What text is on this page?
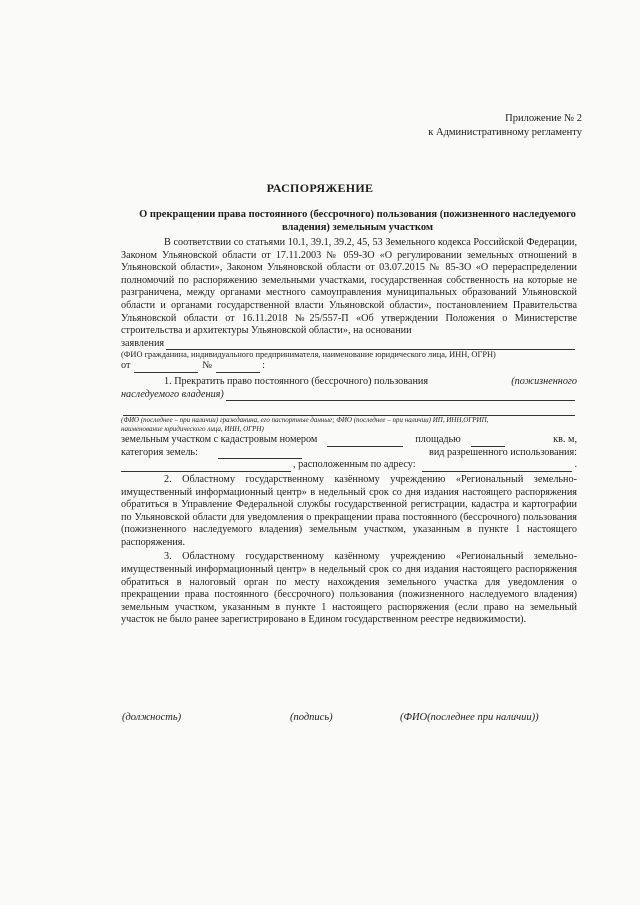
Приложение № 2
к Административному регламенту
РАСПОРЯЖЕНИЕ
О прекращении права постоянного (бессрочного) пользования (пожизненного наследуемого владения) земельным участком

В соответствии со статьями 10.1, 39.1, 39.2, 45, 53 Земельного кодекса Российской Федерации, Законом Ульяновской области от 17.11.2003 № 059-ЗО «О регулировании земельных отношений в Ульяновской области», Законом Ульяновской области от 03.07.2015 № 85-ЗО «О перераспределении полномочий по распоряжению земельными участками, государственная собственность на которые не разграничена, между органами местного самоуправления муниципальных образований Ульяновской области и органами государственной власти Ульяновской области», постановлением Правительства Ульяновской области от 16.11.2018 №25/557-П «Об утверждении Положения о Министерстве строительства и архитектуры Ульяновской области», на основании

заявления

(ФИО гражданина, индивидуального предпринимателя, наименование юридического лица, ИНН, ОГРН)

от	№	:
1. Прекратить право постоянного (бессрочного) пользования	(пожизненного
наследуемого владения)

(ФИО (последнее – при наличии) гражданина, его паспортные данные; ФИО (последнее – при наличии) ИП, ИНН,ОГРИП,

наименование юридического лица, ИНН, ОГРН)

земельным участком с кадастровым номером	площадью	кв. м,
категория земель:	вид разрешенного использования:
, расположенным по адресу:	.

2. Областному государственному казённому учреждению «Региональный земельно-имущественный информационный центр» в недельный срок со дня издания настоящего распоряжения обратиться в Управление Федеральной службы государственной регистрации, кадастра и картографии по Ульяновской области для уведомления о прекращении права постоянного (бессрочного) пользования (пожизненного наследуемого владения) земельным участком, указанным в пункте 1 настоящего распоряжения.

3. Областному государственному казённому учреждению «Региональный земельно-имущественный информационный центр» в недельный срок со дня издания настоящего распоряжения обратиться в налоговый орган по месту нахождения земельного участка для уведомления о прекращении права постоянного (бессрочного) пользования (пожизненного наследуемого владения) земельным участком, указанным в пункте 1 настоящего распоряжения (если право на земельный участок не было ранее зарегистрировано в Едином государственном реестре недвижимости).

(должность)	(подпись)	(ФИО(последнее при наличии))
